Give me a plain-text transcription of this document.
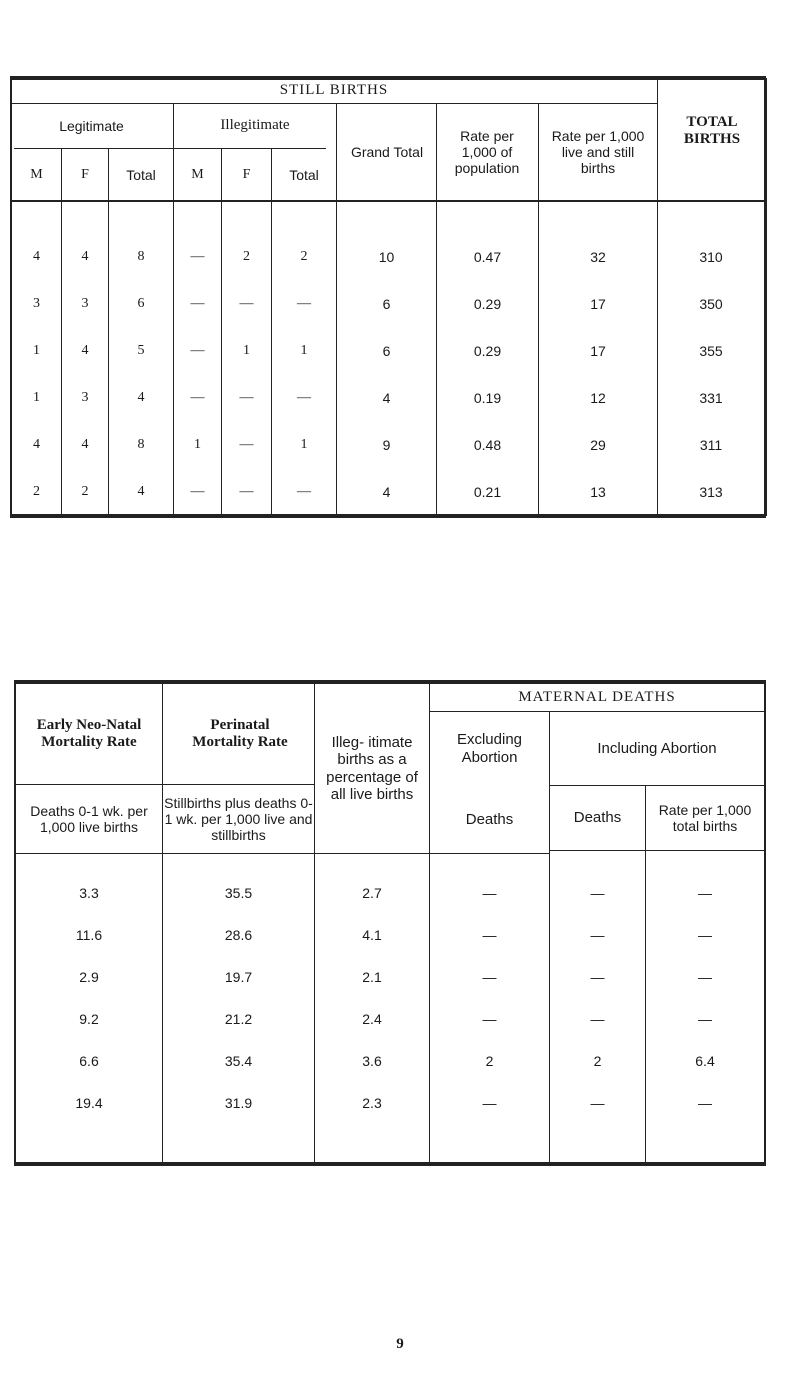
STILL BIRTHS
Legitimate	Illegitimate
Grand Total
Rate per 1,000 of population
Rate per 1,000 live and still births
TOTAL BIRTHS
M	F	Total	M	F	Total
4	4	8	—	2	2	10	0.47	32	310
3	3	6	—	—	—	6	0.29	17	350
1	4	5	—	1	1	6	0.29	17	355
1	3	4	—	—	—	4	0.19	12	331
4	4	8	1	—	1	9	0.48	29	311
2	2	4	—	—	—	4	0.21	13	313
Early Neo-Natal Mortality Rate
Deaths 0-1 wk. per 1,000 live births
Perinatal Mortality Rate
Stillbirths plus deaths 0-1 wk. per 1,000 live and stillbirths
Illeg- itimate births as a percentage of all live births
MATERNAL DEATHS
Excluding Abortion
Including Abortion
Deaths	Deaths	Rate per 1,000 total births
3.3	35.5	2.7	—	—	—
11.6	28.6	4.1	—	—	—
2.9	19.7	2.1	—	—	—
9.2	21.2	2.4	—	—	—
6.6	35.4	3.6	2	2	6.4
19.4	31.9	2.3	—	—	—
9
